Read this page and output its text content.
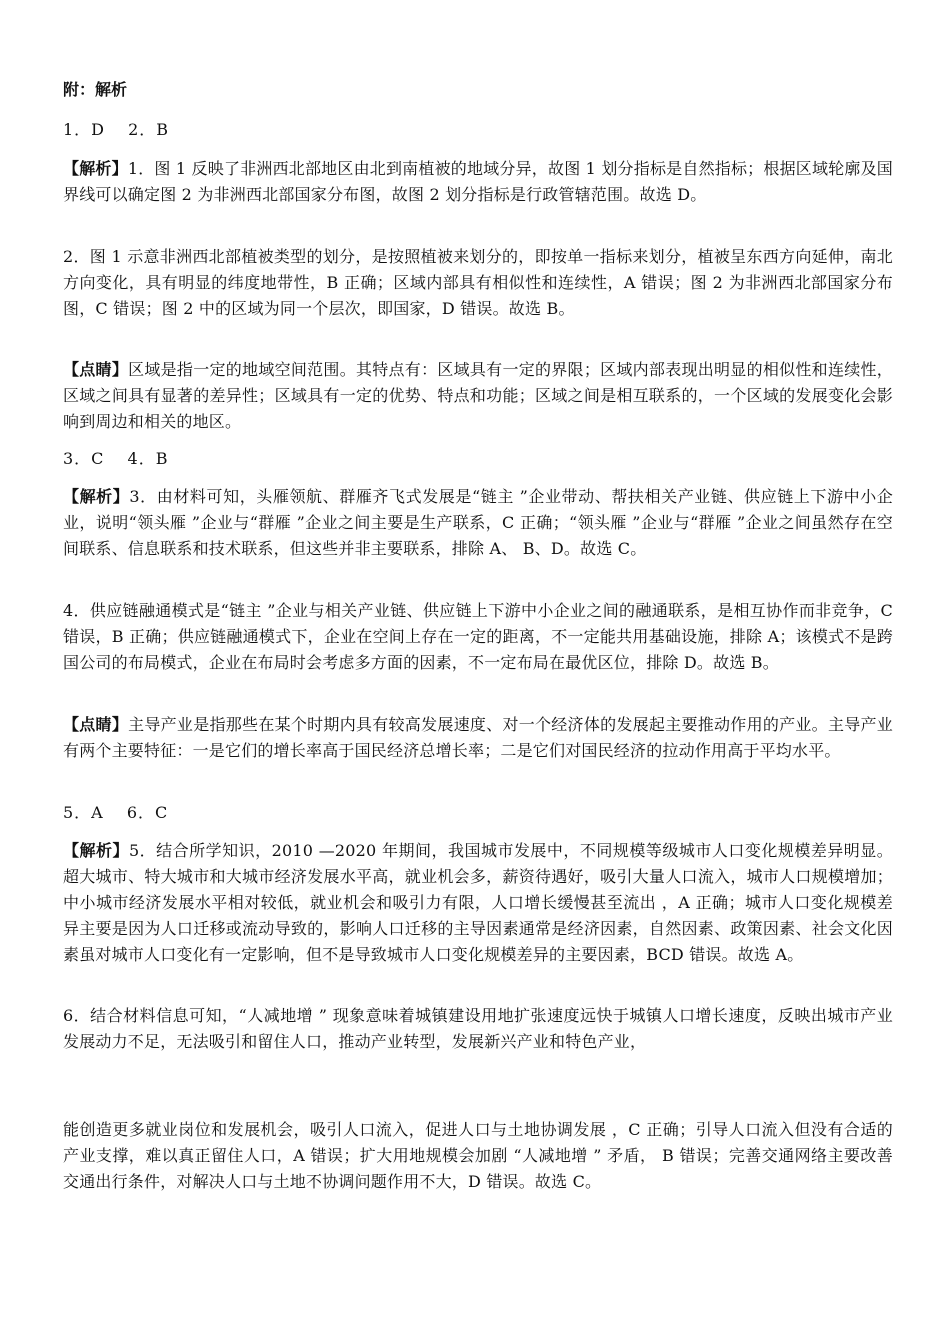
附：解析
1．D　 2．B
【解析】1．图 1 反映了非洲西北部地区由北到南植被的地域分异，故图 1 划分指标是自然指标；根据区域轮廓及国界线可以确定图 2 为非洲西北部国家分布图，故图 2 划分指标是行政管辖范围。故选 D。
2．图 1 示意非洲西北部植被类型的划分，是按照植被来划分的，即按单一指标来划分，植被呈东西方向延伸，南北方向变化，具有明显的纬度地带性，B 正确；区域内部具有相似性和连续性，A 错误；图 2 为非洲西北部国家分布图，C 错误；图 2 中的区域为同一个层次，即国家，D 错误。故选 B。
【点睛】区域是指一定的地域空间范围。其特点有：区域具有一定的界限；区域内部表现出明显的相似性和连续性，区域之间具有显著的差异性；区域具有一定的优势、特点和功能；区域之间是相互联系的，一个区域的发展变化会影响到周边和相关的地区。
3．C　 4．B
【解析】3．由材料可知，头雁领航、群雁齐飞式发展是“链主 ”企业带动、帮扶相关产业链、供应链上下游中小企业，说明“领头雁 ”企业与“群雁 ”企业之间主要是生产联系，C 正确；“领头雁 ”企业与“群雁 ”企业之间虽然存在空间联系、信息联系和技术联系，但这些并非主要联系，排除 A、 B、D。故选 C。
4．供应链融通模式是“链主 ”企业与相关产业链、供应链上下游中小企业之间的融通联系，是相互协作而非竞争，C 错误，B 正确；供应链融通模式下，企业在空间上存在一定的距离，不一定能共用基础设施，排除 A；该模式不是跨国公司的布局模式，企业在布局时会考虑多方面的因素，不一定布局在最优区位，排除 D。故选 B。
【点睛】主导产业是指那些在某个时期内具有较高发展速度、对一个经济体的发展起主要推动作用的产业。主导产业有两个主要特征：一是它们的增长率高于国民经济总增长率；二是它们对国民经济的拉动作用高于平均水平。
5．A　 6．C
【解析】5．结合所学知识，2010 —2020 年期间，我国城市发展中，不同规模等级城市人口变化规模差异明显。超大城市、特大城市和大城市经济发展水平高，就业机会多，薪资待遇好，吸引大量人口流入，城市人口规模增加；中小城市经济发展水平相对较低，就业机会和吸引力有限，人口增长缓慢甚至流出 ，A 正确；城市人口变化规模差异主要是因为人口迁移或流动导致的，影响人口迁移的主导因素通常是经济因素，自然因素、政策因素、社会文化因素虽对城市人口变化有一定影响，但不是导致城市人口变化规模差异的主要因素，BCD 错误。故选 A。
6．结合材料信息可知，“人减地增 ” 现象意味着城镇建设用地扩张速度远快于城镇人口增长速度，反映出城市产业发展动力不足，无法吸引和留住人口，推动产业转型，发展新兴产业和特色产业，
能创造更多就业岗位和发展机会，吸引人口流入，促进人口与土地协调发展 ，C 正确；引导人口流入但没有合适的产业支撑，难以真正留住人口，A 错误；扩大用地规模会加剧 “人减地增 ” 矛盾， B 错误；完善交通网络主要改善交通出行条件，对解决人口与土地不协调问题作用不大，D 错误。故选 C。
